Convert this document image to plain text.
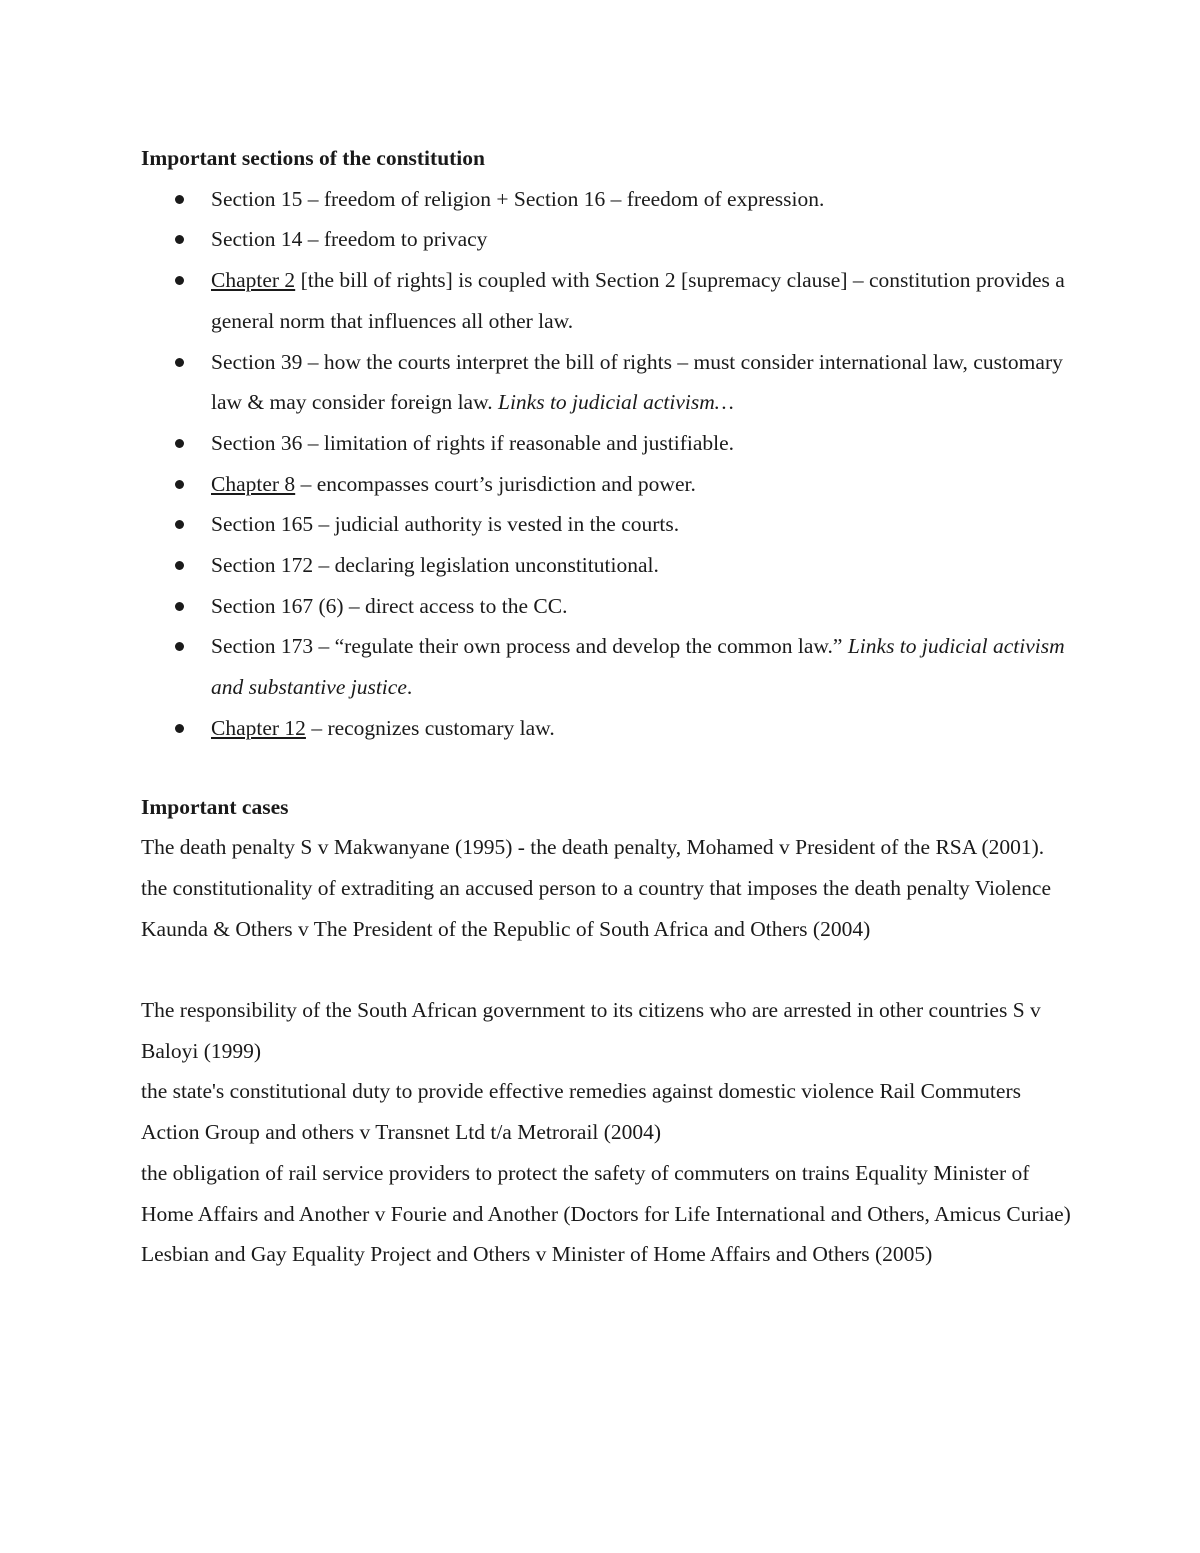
Important sections of the constitution
Section 15 – freedom of religion + Section 16 – freedom of expression.
Section 14 – freedom to privacy
Chapter 2 [the bill of rights] is coupled with Section 2 [supremacy clause] – constitution provides a general norm that influences all other law.
Section 39 – how the courts interpret the bill of rights – must consider international law, customary law & may consider foreign law. Links to judicial activism…
Section 36 – limitation of rights if reasonable and justifiable.
Chapter 8 – encompasses court’s jurisdiction and power.
Section 165 – judicial authority is vested in the courts.
Section 172 – declaring legislation unconstitutional.
Section 167 (6) – direct access to the CC.
Section 173 – “regulate their own process and develop the common law.” Links to judicial activism and substantive justice.
Chapter 12 – recognizes customary law.
Important cases

The death penalty S v Makwanyane (1995) - the death penalty, Mohamed v President of the RSA (2001). the constitutionality of extraditing an accused person to a country that imposes the death penalty Violence Kaunda & Others v The President of the Republic of South Africa and Others (2004)

The responsibility of the South African government to its citizens who are arrested in other countries S v Baloyi (1999)

the state's constitutional duty to provide effective remedies against domestic violence Rail Commuters Action Group and others v Transnet Ltd t/a Metrorail (2004)

the obligation of rail service providers to protect the safety of commuters on trains Equality Minister of Home Affairs and Another v Fourie and Another (Doctors for Life International and Others, Amicus Curiae)

Lesbian and Gay Equality Project and Others v Minister of Home Affairs and Others (2005)
